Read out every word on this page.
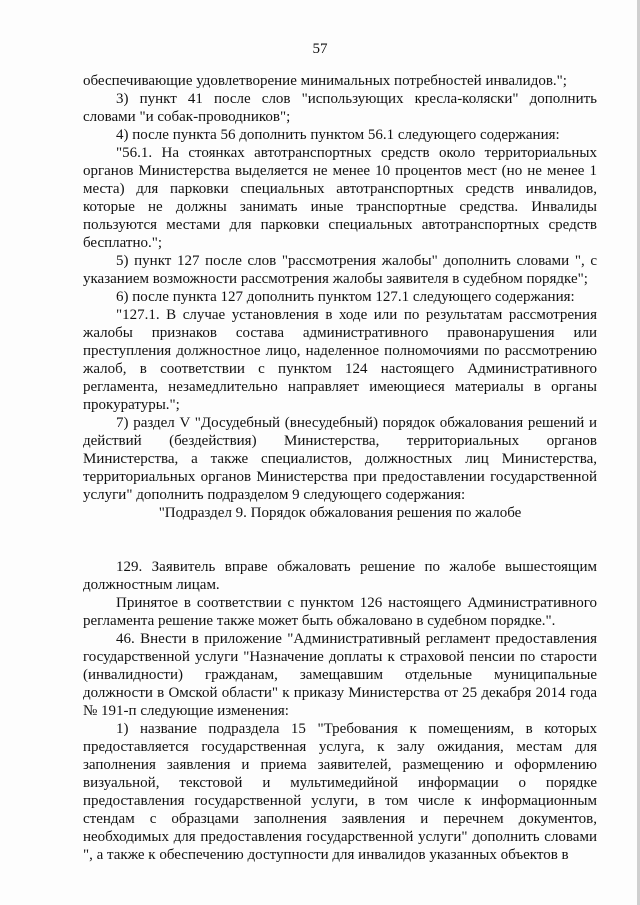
57

обеспечивающие удовлетворение минимальных потребностей инвалидов.";

3) пункт 41 после слов "использующих кресла-коляски" дополнить словами "и собак-проводников";

4) после пункта 56 дополнить пунктом 56.1 следующего содержания:

"56.1. На стоянках автотранспортных средств около территориальных органов Министерства выделяется не менее 10 процентов мест (но не менее 1 места) для парковки специальных автотранспортных средств инвалидов, которые не должны занимать иные транспортные средства. Инвалиды пользуются местами для парковки специальных автотранспортных средств бесплатно.";

5) пункт 127 после слов "рассмотрения жалобы" дополнить словами ", с указанием возможности рассмотрения жалобы заявителя в судебном порядке";

6) после пункта 127 дополнить пунктом 127.1 следующего содержания:

"127.1. В случае установления в ходе или по результатам рассмотрения жалобы признаков состава административного правонарушения или преступления должностное лицо, наделенное полномочиями по рассмотрению жалоб, в соответствии с пунктом 124 настоящего Административного регламента, незамедлительно направляет имеющиеся материалы в органы прокуратуры.";

7) раздел V "Досудебный (внесудебный) порядок обжалования решений и действий (бездействия) Министерства, территориальных органов Министерства, а также специалистов, должностных лиц Министерства, территориальных органов Министерства при предоставлении государственной услуги" дополнить подразделом 9 следующего содержания:

"Подраздел 9. Порядок обжалования решения по жалобе

129. Заявитель вправе обжаловать решение по жалобе вышестоящим должностным лицам.

Принятое в соответствии с пунктом 126 настоящего Административного регламента решение также может быть обжаловано в судебном порядке.".

46. Внести в приложение "Административный регламент предоставления государственной услуги "Назначение доплаты к страховой пенсии по старости (инвалидности) гражданам, замещавшим отдельные муниципальные должности в Омской области" к приказу Министерства от 25 декабря 2014 года № 191-п следующие изменения:

1) название подраздела 15 "Требования к помещениям, в которых предоставляется государственная услуга, к залу ожидания, местам для заполнения заявления и приема заявителей, размещению и оформлению визуальной, текстовой и мультимедийной информации о порядке предоставления государственной услуги, в том числе к информационным стендам с образцами заполнения заявления и перечнем документов, необходимых для предоставления государственной услуги" дополнить словами ", а также к обеспечению доступности для инвалидов указанных объектов в
